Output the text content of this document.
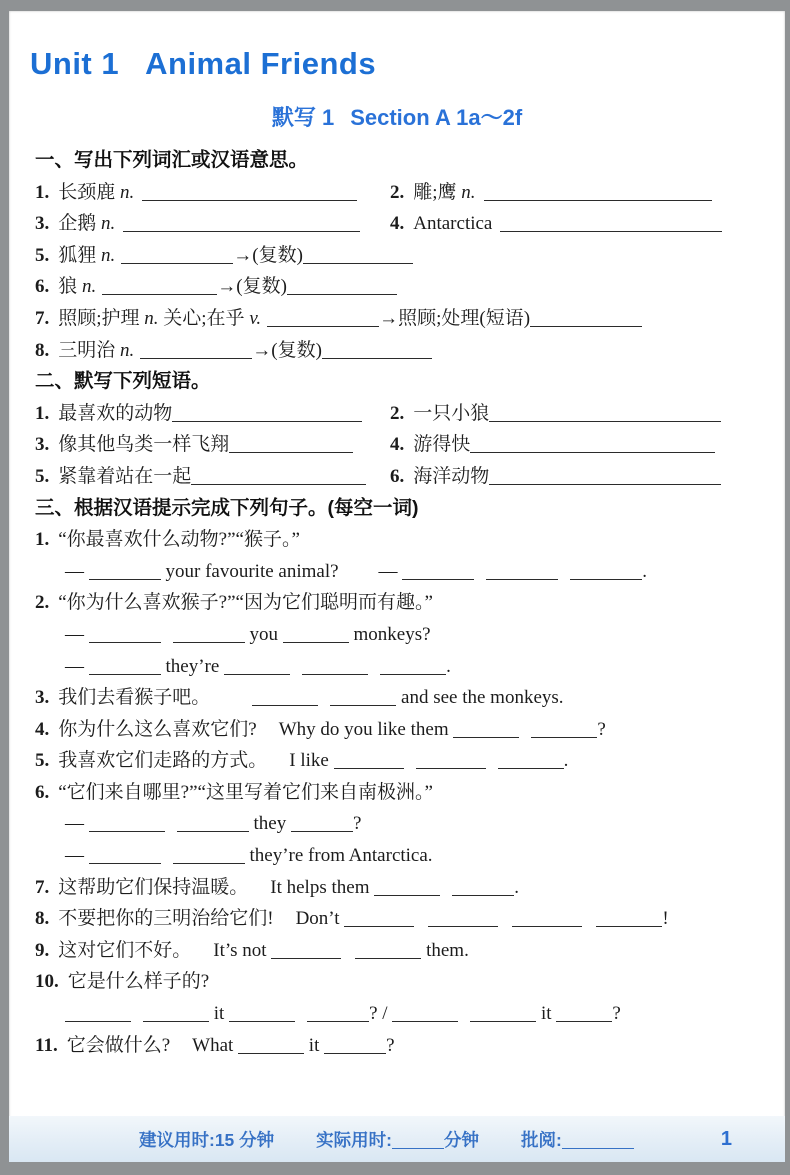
Unit 1 Animal Friends
默写 1 Section A 1a～2f
一、写出下列词汇或汉语意思。
1. 长颈鹿 n.	2. 雕;鹰 n.
3. 企鹅 n.	4. Antarctica
5. 狐狸 n.	→(复数)
6. 狼 n.	→(复数)
7. 照顾;护理 n. 关心;在乎 v.	→照顾;处理(短语)
8. 三明治 n.	→(复数)
二、默写下列短语。
1. 最喜欢的动物	2. 一只小狼
3. 像其他鸟类一样飞翔	4. 游得快
5. 紧靠着站在一起	6. 海洋动物
三、根据汉语提示完成下列句子。(每空一词)
1. “你最喜欢什么动物?”“猴子。”
—	your favourite animal? —	.
2. “你为什么喜欢猴子?”“因为它们聪明而有趣。”
—	you	monkeys?
—	they’re	.
3. 我们去看猴子吧。	and see the monkeys.
4. 你为什么这么喜欢它们? Why do you like them	?
5. 我喜欢它们走路的方式。 I like	.
6. “它们来自哪里?”“这里写着它们来自南极洲。”
—	they	?
—	they’re from Antarctica.
7. 这帮助它们保持温暖。 It helps them	.
8. 不要把你的三明治给它们! Don’t	!
9. 这对它们不好。 It’s not	them.
10. 它是什么样子的?
it	? /	it	?
11. 它会做什么? What	it	?
建议用时:15 分钟 实际用时:	分钟 批阅:	1
